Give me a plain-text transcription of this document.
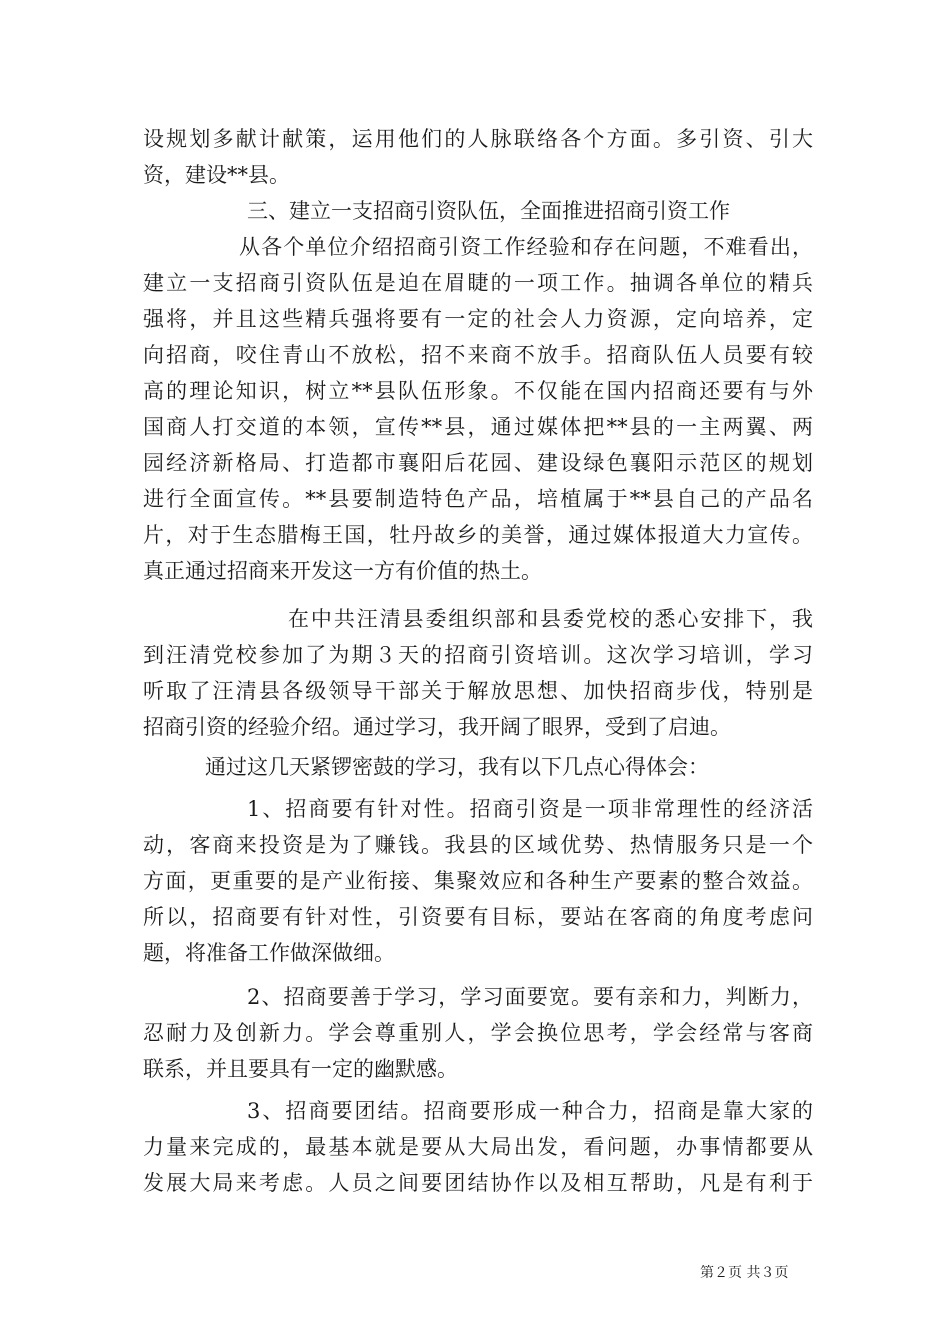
设规划多献计献策，运用他们的人脉联络各个方面。多引资、引大
资，建设**县。
三、建立一支招商引资队伍，全面推进招商引资工作
从各个单位介绍招商引资工作经验和存在问题，不难看出，
建立一支招商引资队伍是迫在眉睫的一项工作。抽调各单位的精兵
强将，并且这些精兵强将要有一定的社会人力资源，定向培养，定
向招商，咬住青山不放松，招不来商不放手。招商队伍人员要有较
高的理论知识，树立**县队伍形象。不仅能在国内招商还要有与外
国商人打交道的本领，宣传**县，通过媒体把**县的一主两翼、两
园经济新格局、打造都市襄阳后花园、建设绿色襄阳示范区的规划
进行全面宣传。**县要制造特色产品，培植属于**县自己的产品名
片，对于生态腊梅王国，牡丹故乡的美誉，通过媒体报道大力宣传。
真正通过招商来开发这一方有价值的热土。
在中共汪清县委组织部和县委党校的悉心安排下，我
到汪清党校参加了为期３天的招商引资培训。这次学习培训，学习
听取了汪清县各级领导干部关于解放思想、加快招商步伐，特别是
招商引资的经验介绍。通过学习，我开阔了眼界，受到了启迪。
通过这几天紧锣密鼓的学习，我有以下几点心得体会：
1、招商要有针对性。招商引资是一项非常理性的经济活
动，客商来投资是为了赚钱。我县的区域优势、热情服务只是一个
方面，更重要的是产业衔接、集聚效应和各种生产要素的整合效益。
所以，招商要有针对性，引资要有目标，要站在客商的角度考虑问
题，将准备工作做深做细。
2、招商要善于学习，学习面要宽。要有亲和力，判断力，
忍耐力及创新力。学会尊重别人，学会换位思考，学会经常与客商
联系，并且要具有一定的幽默感。
3、招商要团结。招商要形成一种合力，招商是靠大家的
力量来完成的，最基本就是要从大局出发，看问题，办事情都要从
发展大局来考虑。人员之间要团结协作以及相互帮助，凡是有利于
第２页 共３页
